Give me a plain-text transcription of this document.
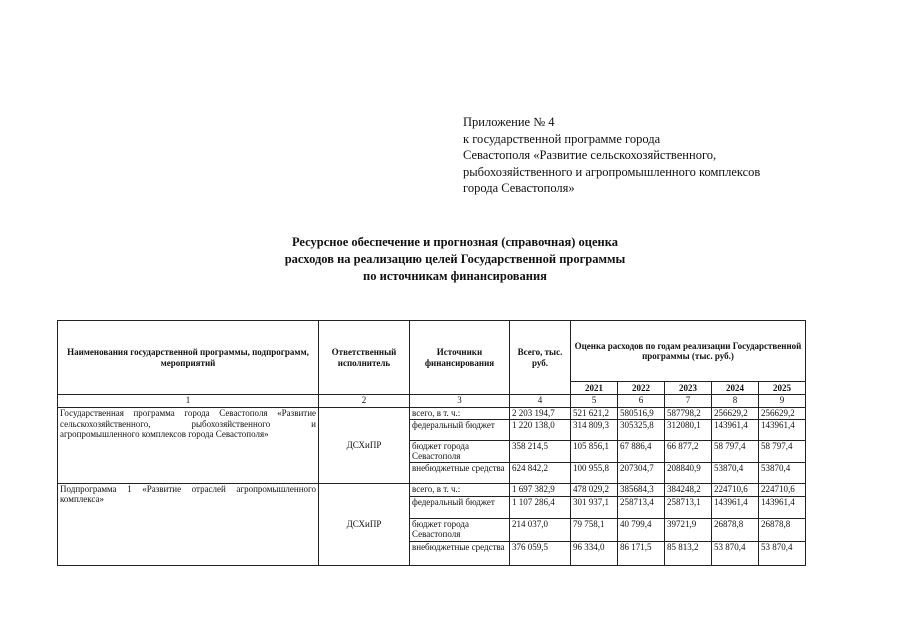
Приложение № 4
к государственной программе города
Севастополя «Развитие сельскохозяйственного,
рыбохозяйственного и агропромышленного комплексов
города Севастополя»
Ресурсное обеспечение и прогнозная (справочная) оценка
расходов на реализацию целей Государственной программы
по источникам финансирования
Наименования государственной программы, подпрограмм, мероприятий	Ответственный исполнитель	Источники финансирования	Всего, тыс. руб.	Оценка расходов по годам реализации Государственной программы (тыс. руб.)				
				2021	2022	2023	2024	2025
1	2	3	4	5	6	7	8	9
Государственная программа города Севастополя «Развитие сельскохозяйственного, рыбохозяйственного и агропромышленного комплексов города Севастополя»	ДСХиПР	всего, в т. ч.:	2 203 194,7	521 621,2	580516,9	587798,2	256629,2	256629,2
		федеральный бюджет	1 220 138,0	314 809,3	305325,8	312080,1	143961,4	143961,4
		бюджет города Севастополя	358 214,5	105 856,1	67 886,4	66 877,2	58 797,4	58 797,4
		внебюджетные средства	624 842,2	100 955,8	207304,7	208840,9	53870,4	53870,4
Подпрограмма 1 «Развитие отраслей агропромышленного комплекса»	ДСХиПР	всего, в т. ч.:	1 697 382,9	478 029,2	385684,3	384248,2	224710,6	224710,6
		федеральный бюджет	1 107 286,4	301 937,1	258713,4	258713,1	143961,4	143961,4
		бюджет города Севастополя	214 037,0	79 758,1	40 799,4	39721,9	26878,8	26878,8
		внебюджетные средства	376 059,5	96 334,0	86 171,5	85 813,2	53 870,4	53 870,4
